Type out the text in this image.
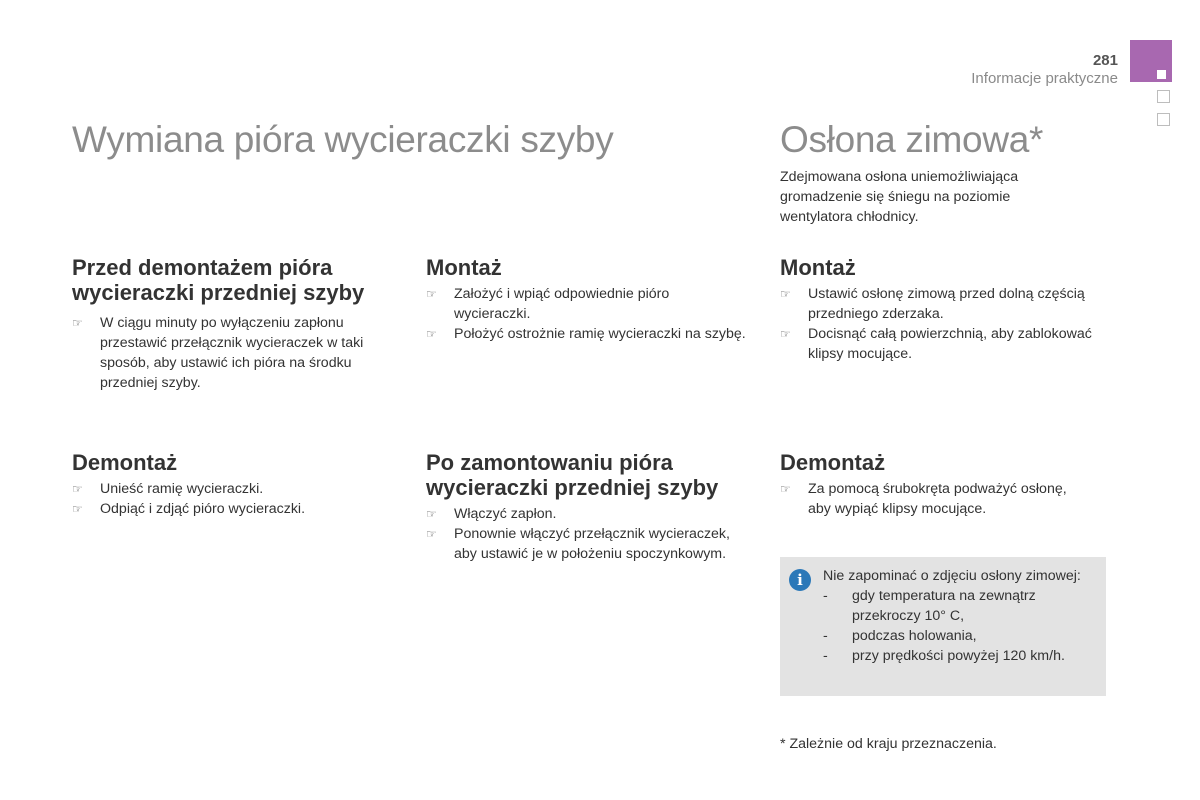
281
Informacje praktyczne
Wymiana pióra wycieraczki szyby
Przed demontażem pióra
wycieraczki przedniej szyby
☞ W ciągu minuty po wyłączeniu zapłonu przestawić przełącznik wycieraczek w taki sposób, aby ustawić ich pióra na środku przedniej szyby.
Demontaż
☞ Unieść ramię wycieraczki.
☞ Odpiąć i zdjąć pióro wycieraczki.
Montaż
☞ Założyć i wpiąć odpowiednie pióro wycieraczki.
☞ Położyć ostrożnie ramię wycieraczki na szybę.
Po zamontowaniu pióra
wycieraczki przedniej szyby
☞ Włączyć zapłon.
☞ Ponownie włączyć przełącznik wycieraczek, aby ustawić je w położeniu spoczynkowym.
Osłona zimowa*

Zdejmowana osłona uniemożliwiająca gromadzenie się śniegu na poziomie wentylatora chłodnicy.

Montaż
☞ Ustawić osłonę zimową przed dolną częścią przedniego zderzaka.
☞ Docisnąć całą powierzchnią, aby zablokować klipsy mocujące.
Demontaż
☞ Za pomocą śrubokręta podważyć osłonę, aby wypiąć klipsy mocujące.
i	Nie zapominać o zdjęciu osłony zimowej:

- gdy temperatura na zewnątrz przekroczy 10° C,
- podczas holowania,
- przy prędkości powyżej 120 km/h.

* Zależnie od kraju przeznaczenia.
